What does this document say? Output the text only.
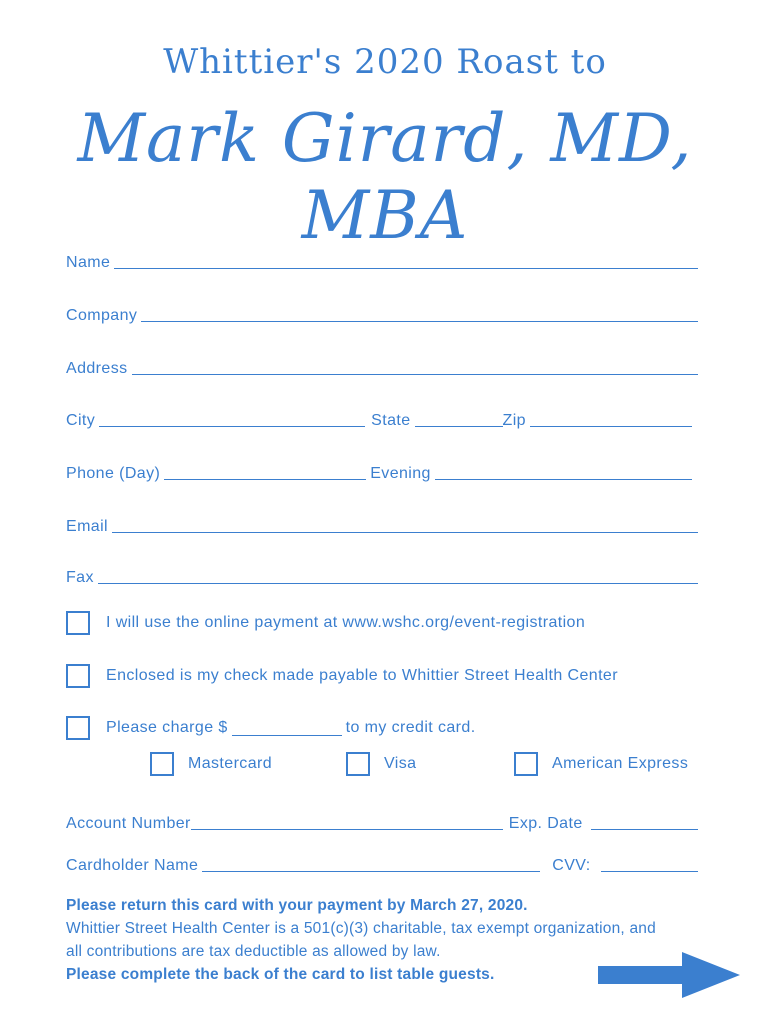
Whittier's 2020 Roast to
Mark Girard, MD, MBA
Name
Company
Address
City	State	Zip
Phone (Day)	Evening
Email
Fax
I will use the online payment at www.wshc.org/event-registration
Enclosed is my check made payable to Whittier Street Health Center
Please charge $	to my credit card.
Mastercard	Visa	American Express
Account Number	Exp. Date
Cardholder Name	CVV:
Please return this card with your payment by March 27, 2020.
Whittier Street Health Center is a 501(c)(3) charitable, tax exempt organization, and all contributions are tax deductible as allowed by law.
Please complete the back of the card to list table guests.
